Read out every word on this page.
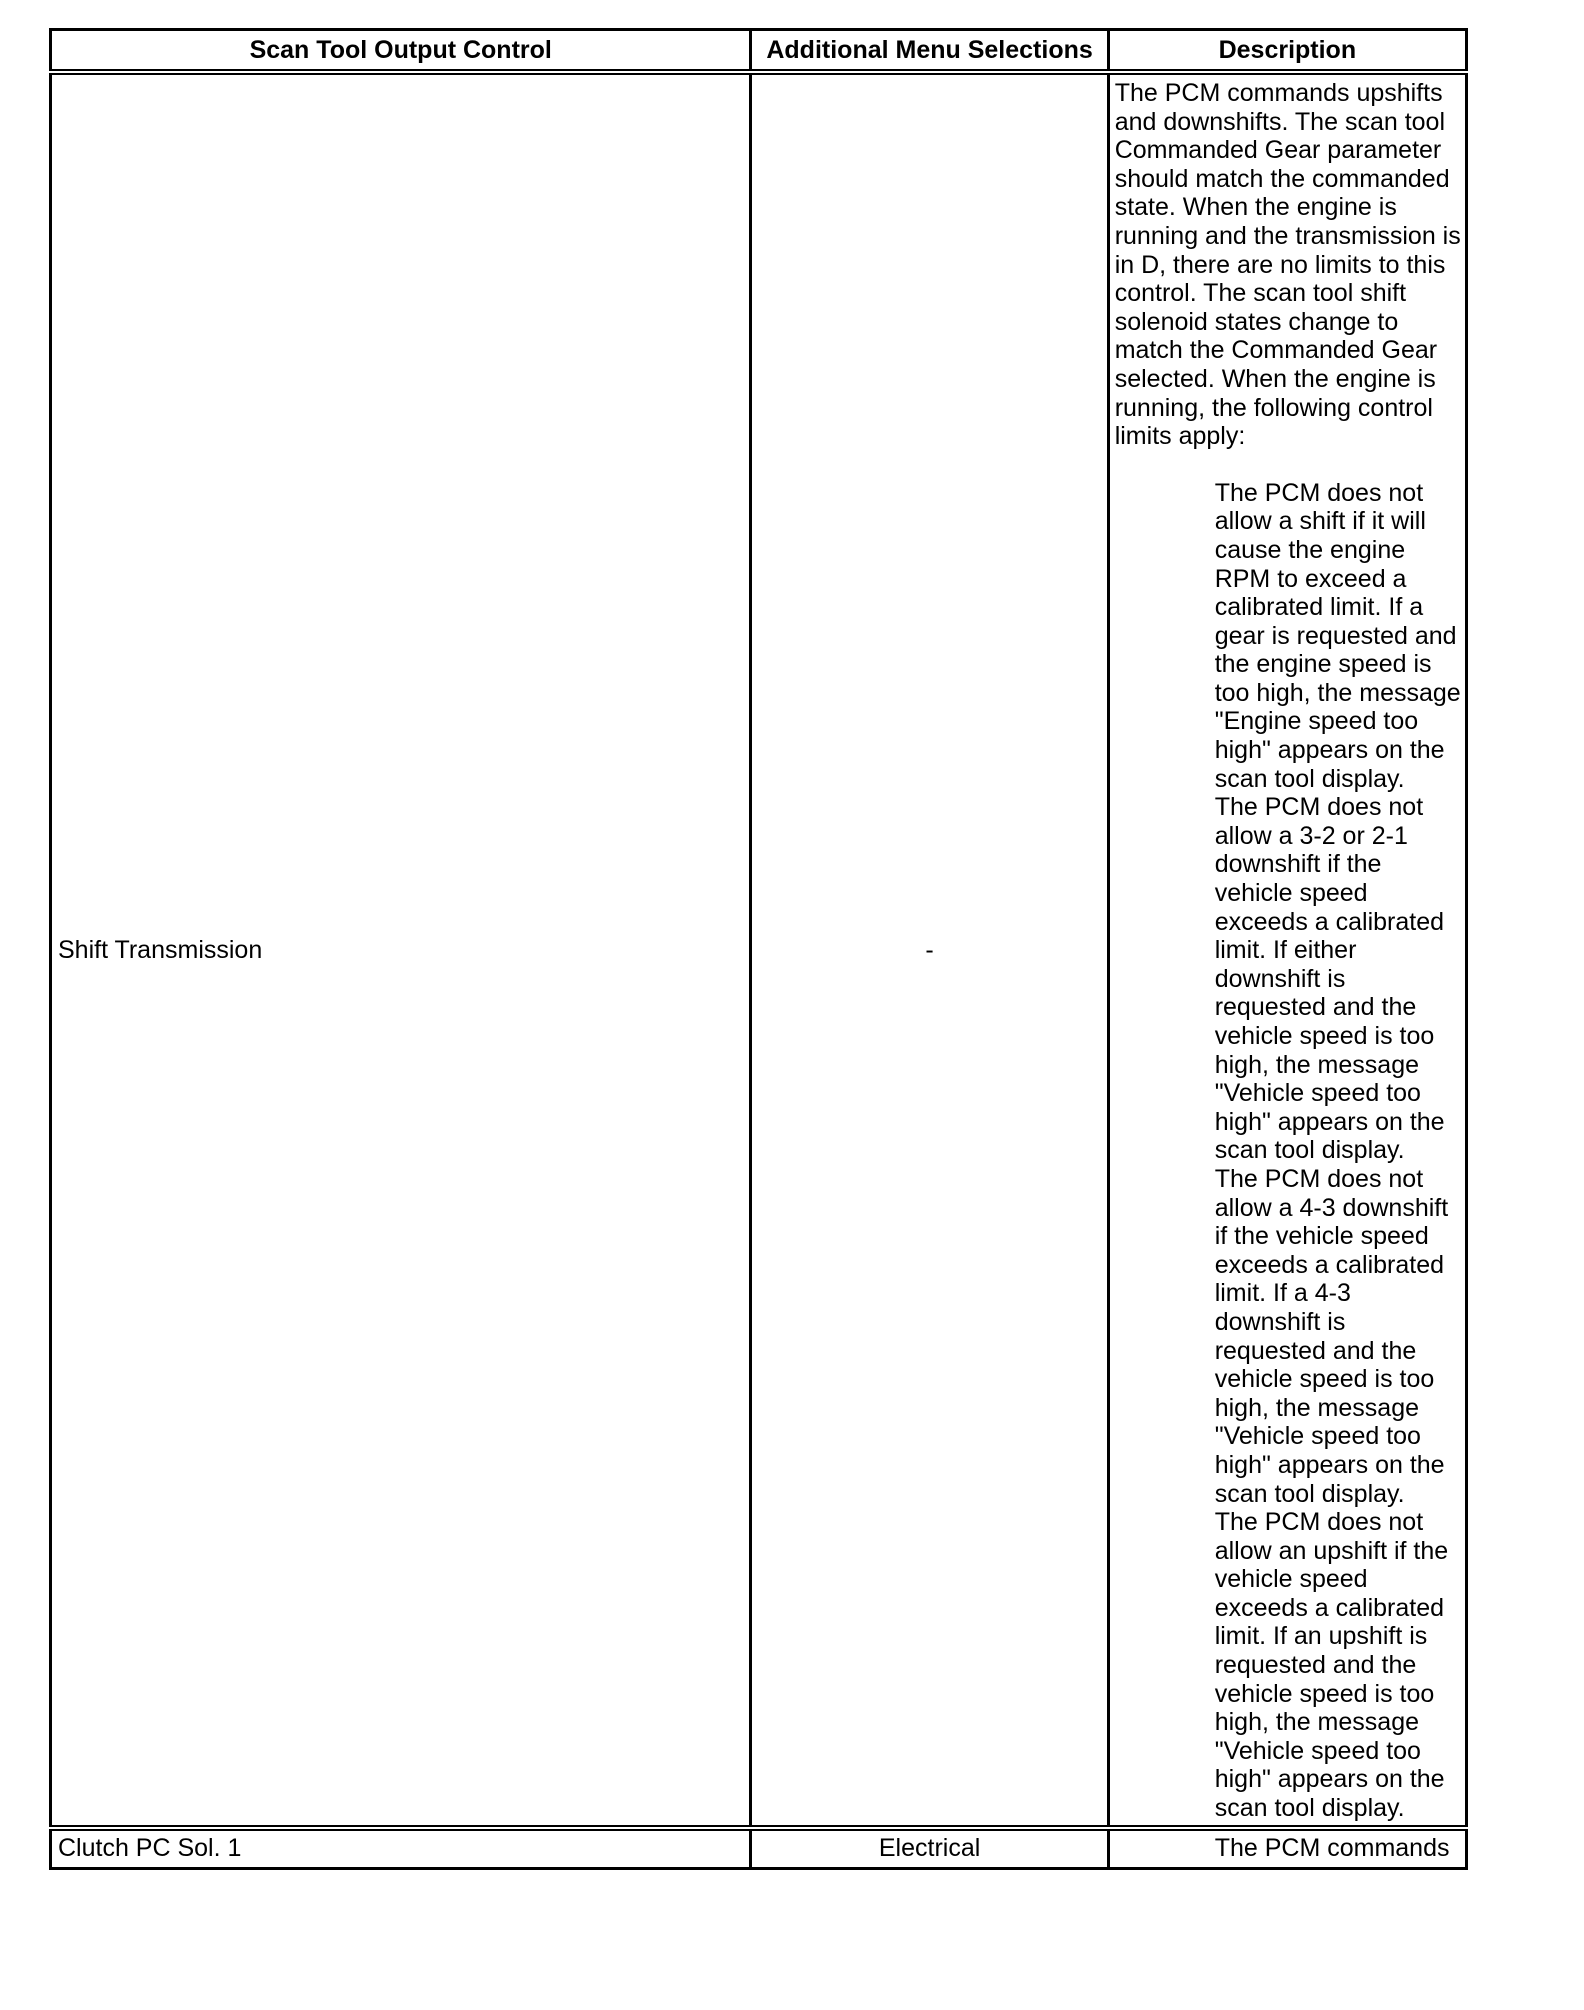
Scan Tool Output Control	Additional Menu Selections	Description
Shift Transmission	-	The PCM commands upshifts and downshifts. The scan tool Commanded Gear parameter should match the commanded state. When the engine is running and the transmission is in D, there are no limits to this control. The scan tool shift solenoid states change to match the Commanded Gear selected. When the engine is running, the following control limits apply:

The PCM does not allow a shift if it will cause the engine RPM to exceed a calibrated limit. If a gear is requested and the engine speed is too high, the message "Engine speed too high" appears on the scan tool display.

The PCM does not allow a 3-2 or 2-1 downshift if the vehicle speed exceeds a calibrated limit. If either downshift is requested and the vehicle speed is too high, the message "Vehicle speed too high" appears on the scan tool display.

The PCM does not allow a 4-3 downshift if the vehicle speed exceeds a calibrated limit. If a 4-3 downshift is requested and the vehicle speed is too high, the message "Vehicle speed too high" appears on the scan tool display.

The PCM does not allow an upshift if the vehicle speed exceeds a calibrated limit. If an upshift is requested and the vehicle speed is too high, the message "Vehicle speed too high" appears on the scan tool display.

Clutch PC Sol. 1	Electrical	The PCM commands
